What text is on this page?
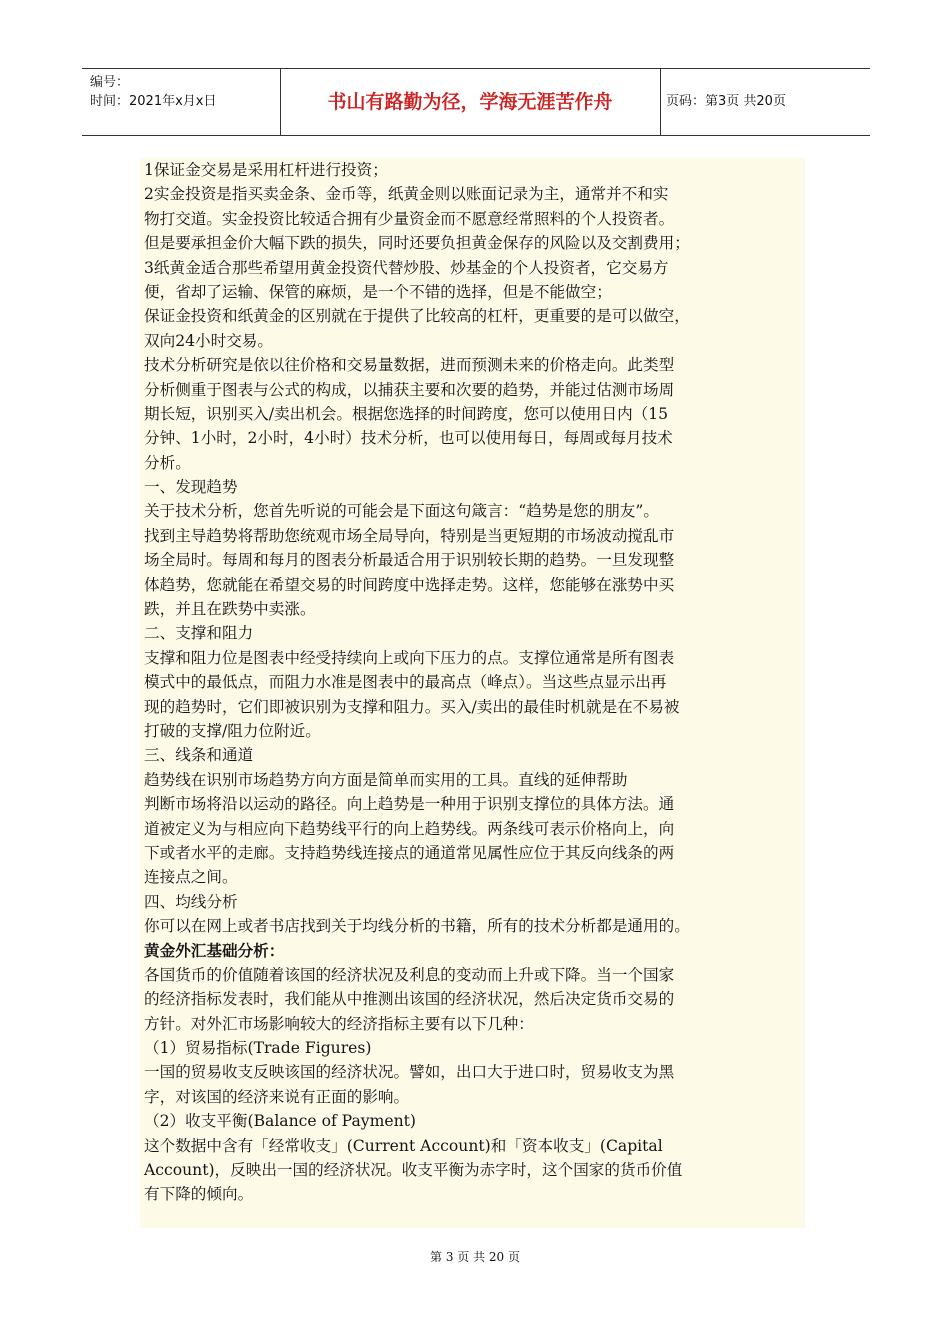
编号：
时间：2021年x月x日	书山有路勤为径，学海无涯苦作舟	页码：第3页 共20页
1保证金交易是采用杠杆进行投资；
2实金投资是指买卖金条、金币等，纸黄金则以账面记录为主，通常并不和实
物打交道。实金投资比较适合拥有少量资金而不愿意经常照料的个人投资者。
但是要承担金价大幅下跌的损失，同时还要负担黄金保存的风险以及交割费用；
3纸黄金适合那些希望用黄金投资代替炒股、炒基金的个人投资者，它交易方
便，省却了运输、保管的麻烦，是一个不错的选择，但是不能做空；
保证金投资和纸黄金的区别就在于提供了比较高的杠杆，更重要的是可以做空，
双向24小时交易。
技术分析研究是依以往价格和交易量数据，进而预测未来的价格走向。此类型
分析侧重于图表与公式的构成，以捕获主要和次要的趋势，并能过估测市场周
期长短，识别买入/卖出机会。根据您选择的时间跨度，您可以使用日内（15
分钟、1小时，2小时，4小时）技术分析，也可以使用每日，每周或每月技术
分析。
一、发现趋势
关于技术分析，您首先听说的可能会是下面这句箴言：“趋势是您的朋友”。
找到主导趋势将帮助您统观市场全局导向，特别是当更短期的市场波动搅乱市
场全局时。每周和每月的图表分析最适合用于识别较长期的趋势。一旦发现整
体趋势，您就能在希望交易的时间跨度中选择走势。这样，您能够在涨势中买
跌，并且在跌势中卖涨。
二、支撑和阻力
支撑和阻力位是图表中经受持续向上或向下压力的点。支撑位通常是所有图表
模式中的最低点，而阻力水准是图表中的最高点（峰点）。当这些点显示出再
现的趋势时，它们即被识别为支撑和阻力。买入/卖出的最佳时机就是在不易被
打破的支撑/阻力位附近。
三、线条和通道
趋势线在识别市场趋势方向方面是简单而实用的工具。直线的延伸帮助
判断市场将沿以运动的路径。向上趋势是一种用于识别支撑位的具体方法。通
道被定义为与相应向下趋势线平行的向上趋势线。两条线可表示价格向上，向
下或者水平的走廊。支持趋势线连接点的通道常见属性应位于其反向线条的两
连接点之间。
四、均线分析
你可以在网上或者书店找到关于均线分析的书籍，所有的技术分析都是通用的。
黄金外汇基础分析：
各国货币的价值随着该国的经济状况及利息的变动而上升或下降。当一个国家
的经济指标发表时，我们能从中推测出该国的经济状况，然后决定货币交易的
方针。对外汇市场影响较大的经济指标主要有以下几种：
（1）贸易指标(Trade Figures)
一国的贸易收支反映该国的经济状况。譬如，出口大于进口时，贸易收支为黑
字，对该国的经济来说有正面的影响。
（2）收支平衡(Balance of Payment)
这个数据中含有「经常收支」(Current Account)和「资本收支」(Capital
Account)，反映出一国的经济状况。收支平衡为赤字时，这个国家的货币价值
有下降的倾向。
第 3 页 共 20 页
